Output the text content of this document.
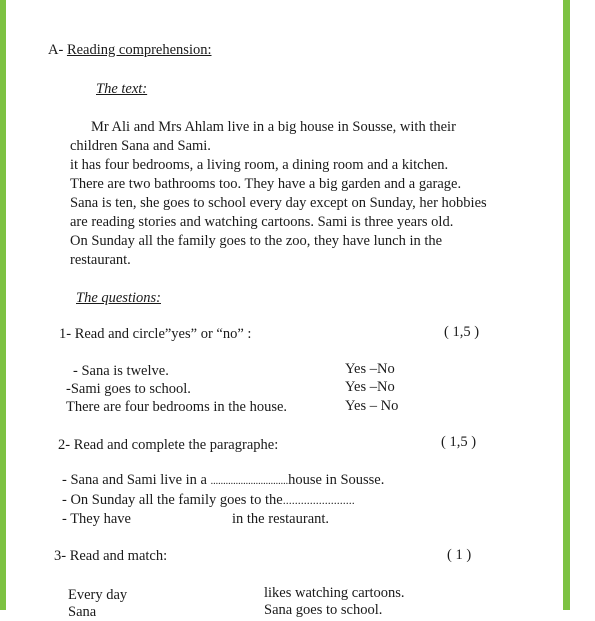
A- Reading comprehension:
The text:
Mr Ali and Mrs Ahlam live in a big house in Sousse, with their
children Sana and Sami.
it has four bedrooms, a living room, a dining room and a kitchen.
There are two bathrooms too. They have a big garden and a garage.
Sana is ten, she goes to school every day except on Sunday, her hobbies
are reading stories and watching cartoons. Sami is three years old.
On Sunday all the family goes to the zoo, they have lunch in the
restaurant.
The questions:
1- Read and circle”yes” or “no” :	( 1,5 )
- Sana is twelve.	Yes –No
-Sami goes to school.	Yes –No
There are four bedrooms in the house.	Yes – No
2- Read and complete the paragraphe:	( 1,5 )
- Sana and Sami live in a ...............................house in Sousse.
- On Sunday all the family goes to the........................
- They have	in the restaurant.
3- Read and match:	( 1 )
Every day	likes watching cartoons.
Sana	Sana goes to school.
